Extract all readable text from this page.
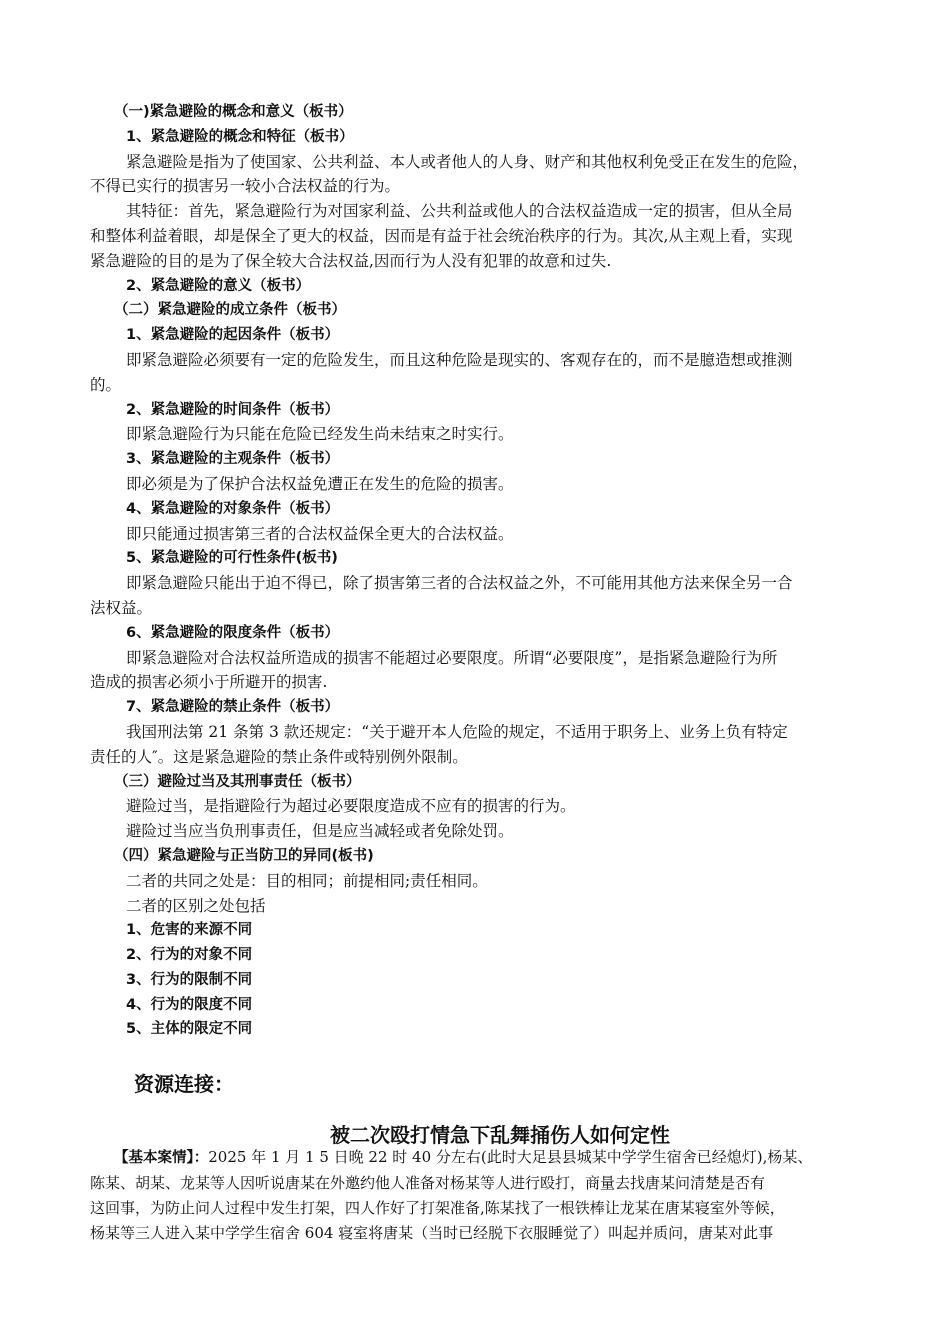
（一)紧急避险的概念和意义（板书）
1、紧急避险的概念和特征（板书）
紧急避险是指为了使国家、公共利益、本人或者他人的人身、财产和其他权利免受正在发生的危险，
不得已实行的损害另一较小合法权益的行为。
其特征：首先，紧急避险行为对国家利益、公共利益或他人的合法权益造成一定的损害，但从全局
和整体利益着眼，却是保全了更大的权益，因而是有益于社会统治秩序的行为。其次,从主观上看，实现
紧急避险的目的是为了保全较大合法权益,因而行为人没有犯罪的故意和过失.
2、紧急避险的意义（板书）
（二）紧急避险的成立条件（板书）
1、紧急避险的起因条件（板书）
即紧急避险必须要有一定的危险发生，而且这种危险是现实的、客观存在的，而不是臆造想或推测
的。
2、紧急避险的时间条件（板书）
即紧急避险行为只能在危险已经发生尚未结束之时实行。
3、紧急避险的主观条件（板书）
即必须是为了保护合法权益免遭正在发生的危险的损害。
4、紧急避险的对象条件（板书）
即只能通过损害第三者的合法权益保全更大的合法权益。
5、紧急避险的可行性条件(板书)
即紧急避险只能出于迫不得已，除了损害第三者的合法权益之外，不可能用其他方法来保全另一合
法权益。
6、紧急避险的限度条件（板书）
即紧急避险对合法权益所造成的损害不能超过必要限度。所谓“必要限度”，是指紧急避险行为所
造成的损害必须小于所避开的损害.
7、紧急避险的禁止条件（板书）
我国刑法第 21 条第 3 款还规定：“关于避开本人危险的规定，不适用于职务上、业务上负有特定
责任的人″。这是紧急避险的禁止条件或特别例外限制。
（三）避险过当及其刑事责任（板书）
避险过当，是指避险行为超过必要限度造成不应有的损害的行为。
避险过当应当负刑事责任，但是应当减轻或者免除处罚。
（四）紧急避险与正当防卫的异同(板书)
二者的共同之处是：目的相同；前提相同;责任相同。
二者的区别之处包括
1、危害的来源不同
2、行为的对象不同
3、行为的限制不同
4、行为的限度不同
5、主体的限定不同
资源连接：
被二次殴打情急下乱舞捅伤人如何定性
【基本案情】：2025 年 1 月 1 5 日晚 22 时 40 分左右(此时大足县县城某中学学生宿舍已经熄灯),杨某、
陈某、胡某、龙某等人因听说唐某在外邀约他人准备对杨某等人进行殴打，商量去找唐某问清楚是否有
这回事，为防止问人过程中发生打架，四人作好了打架准备,陈某找了一根铁棒让龙某在唐某寝室外等候，
杨某等三人进入某中学学生宿舍 604 寝室将唐某（当时已经脱下衣服睡觉了）叫起并质问，唐某对此事
